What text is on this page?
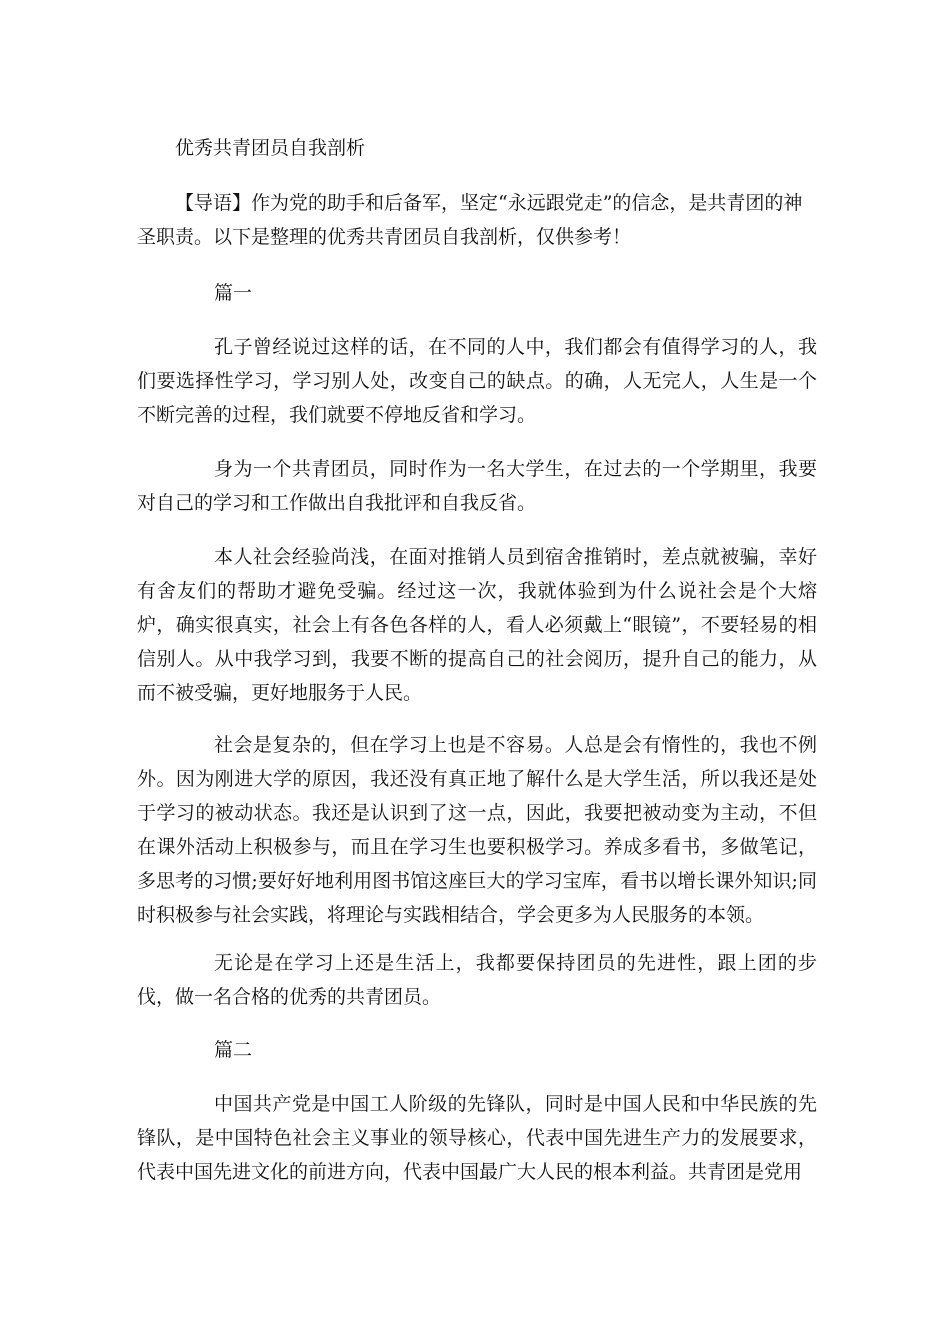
优秀共青团员自我剖析

【导语】作为党的助手和后备军，坚定“永远跟党走”的信念，是共青团的神圣职责。以下是整理的优秀共青团员自我剖析，仅供参考！

篇一

孔子曾经说过这样的话，在不同的人中，我们都会有值得学习的人，我们要选择性学习，学习别人处，改变自己的缺点。的确，人无完人，人生是一个不断完善的过程，我们就要不停地反省和学习。

身为一个共青团员，同时作为一名大学生，在过去的一个学期里，我要对自己的学习和工作做出自我批评和自我反省。

本人社会经验尚浅，在面对推销人员到宿舍推销时，差点就被骗，幸好有舍友们的帮助才避免受骗。经过这一次，我就体验到为什么说社会是个大熔炉，确实很真实，社会上有各色各样的人，看人必须戴上“眼镜”，不要轻易的相信别人。从中我学习到，我要不断的提高自己的社会阅历，提升自己的能力，从而不被受骗，更好地服务于人民。

社会是复杂的，但在学习上也是不容易。人总是会有惰性的，我也不例外。因为刚进大学的原因，我还没有真正地了解什么是大学生活，所以我还是处于学习的被动状态。我还是认识到了这一点，因此，我要把被动变为主动，不但在课外活动上积极参与，而且在学习生也要积极学习。养成多看书，多做笔记，多思考的习惯;要好好地利用图书馆这座巨大的学习宝库，看书以增长课外知识;同时积极参与社会实践，将理论与实践相结合，学会更多为人民服务的本领。

无论是在学习上还是生活上，我都要保持团员的先进性，跟上团的步伐，做一名合格的优秀的共青团员。

篇二

中国共产党是中国工人阶级的先锋队，同时是中国人民和中华民族的先锋队，是中国特色社会主义事业的领导核心，代表中国先进生产力的发展要求，代表中国先进文化的前进方向，代表中国最广大人民的根本利益。共青团是党用
